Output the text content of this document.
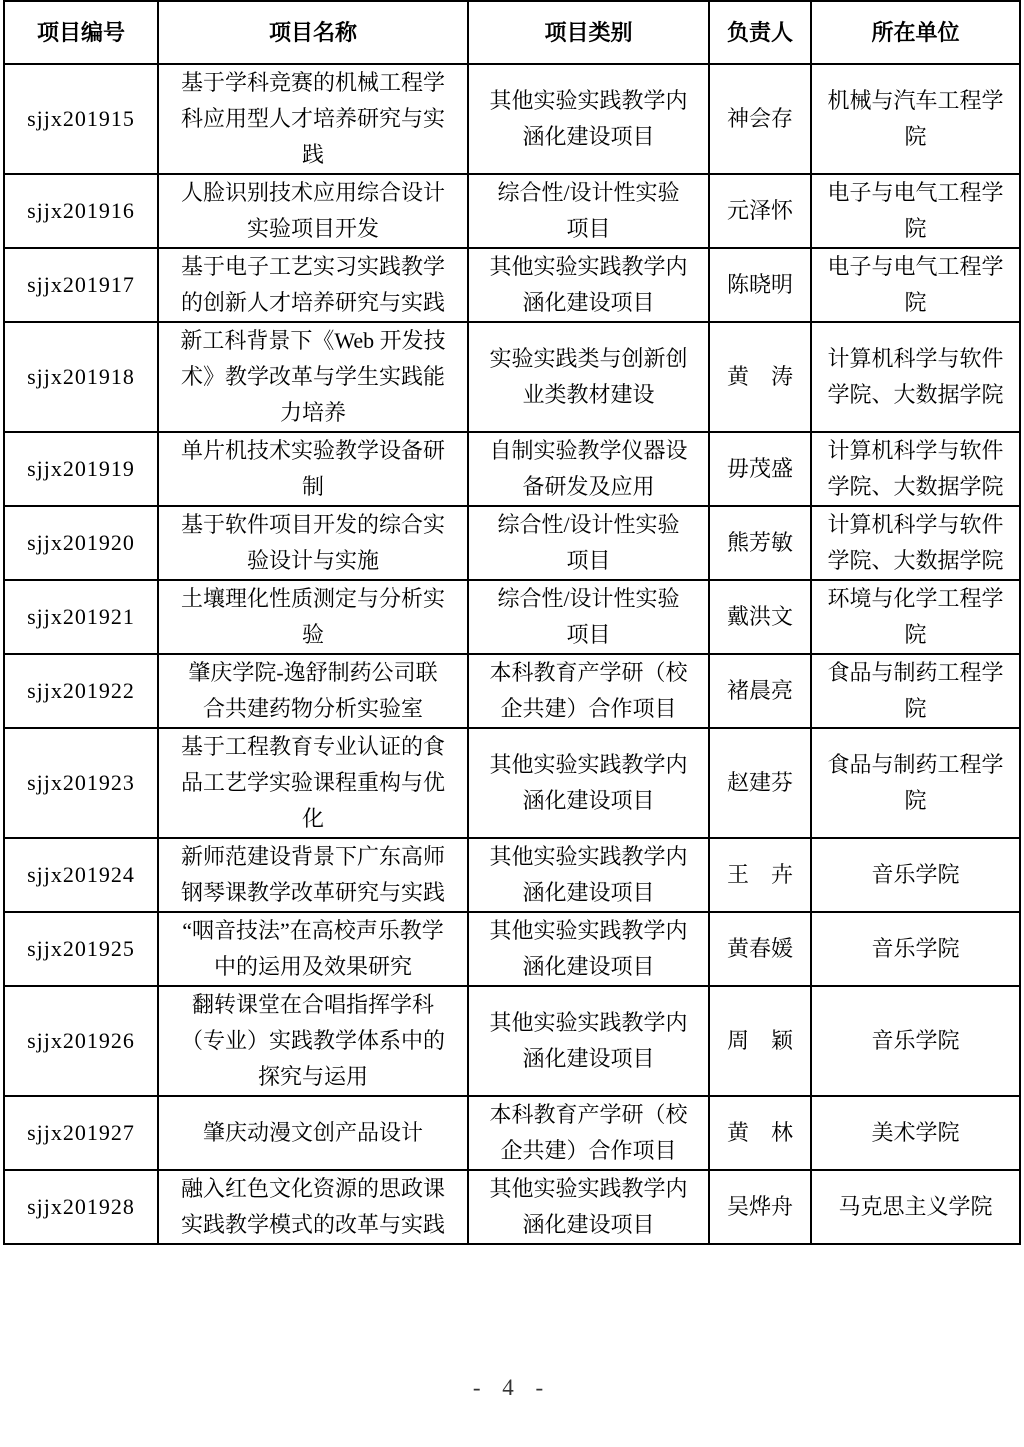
项目编号	项目名称	项目类别	负责人	所在单位
sjjx201915	基于学科竞赛的机械工程学科应用型人才培养研究与实践	其他实验实践教学内涵化建设项目	神会存	机械与汽车工程学院
sjjx201916	人脸识别技术应用综合设计实验项目开发	综合性/设计性实验项目	元泽怀	电子与电气工程学院
sjjx201917	基于电子工艺实习实践教学的创新人才培养研究与实践	其他实验实践教学内涵化建设项目	陈晓明	电子与电气工程学院
sjjx201918	新工科背景下《Web 开发技术》教学改革与学生实践能力培养	实验实践类与创新创业类教材建设	黄　涛	计算机科学与软件学院、大数据学院
sjjx201919	单片机技术实验教学设备研制	自制实验教学仪器设备研发及应用	毋茂盛	计算机科学与软件学院、大数据学院
sjjx201920	基于软件项目开发的综合实验设计与实施	综合性/设计性实验项目	熊芳敏	计算机科学与软件学院、大数据学院
sjjx201921	土壤理化性质测定与分析实验	综合性/设计性实验项目	戴洪文	环境与化学工程学院
sjjx201922	肇庆学院-逸舒制药公司联合共建药物分析实验室	本科教育产学研（校企共建）合作项目	褚晨亮	食品与制药工程学院
sjjx201923	基于工程教育专业认证的食品工艺学实验课程重构与优化	其他实验实践教学内涵化建设项目	赵建芬	食品与制药工程学院
sjjx201924	新师范建设背景下广东高师钢琴课教学改革研究与实践	其他实验实践教学内涵化建设项目	王　卉	音乐学院
sjjx201925	“咽音技法”在高校声乐教学中的运用及效果研究	其他实验实践教学内涵化建设项目	黄春媛	音乐学院
sjjx201926	翻转课堂在合唱指挥学科（专业）实践教学体系中的探究与运用	其他实验实践教学内涵化建设项目	周　颖	音乐学院
sjjx201927	肇庆动漫文创产品设计	本科教育产学研（校企共建）合作项目	黄　林	美术学院
sjjx201928	融入红色文化资源的思政课实践教学模式的改革与实践	其他实验实践教学内涵化建设项目	吴烨舟	马克思主义学院
- 4 -
